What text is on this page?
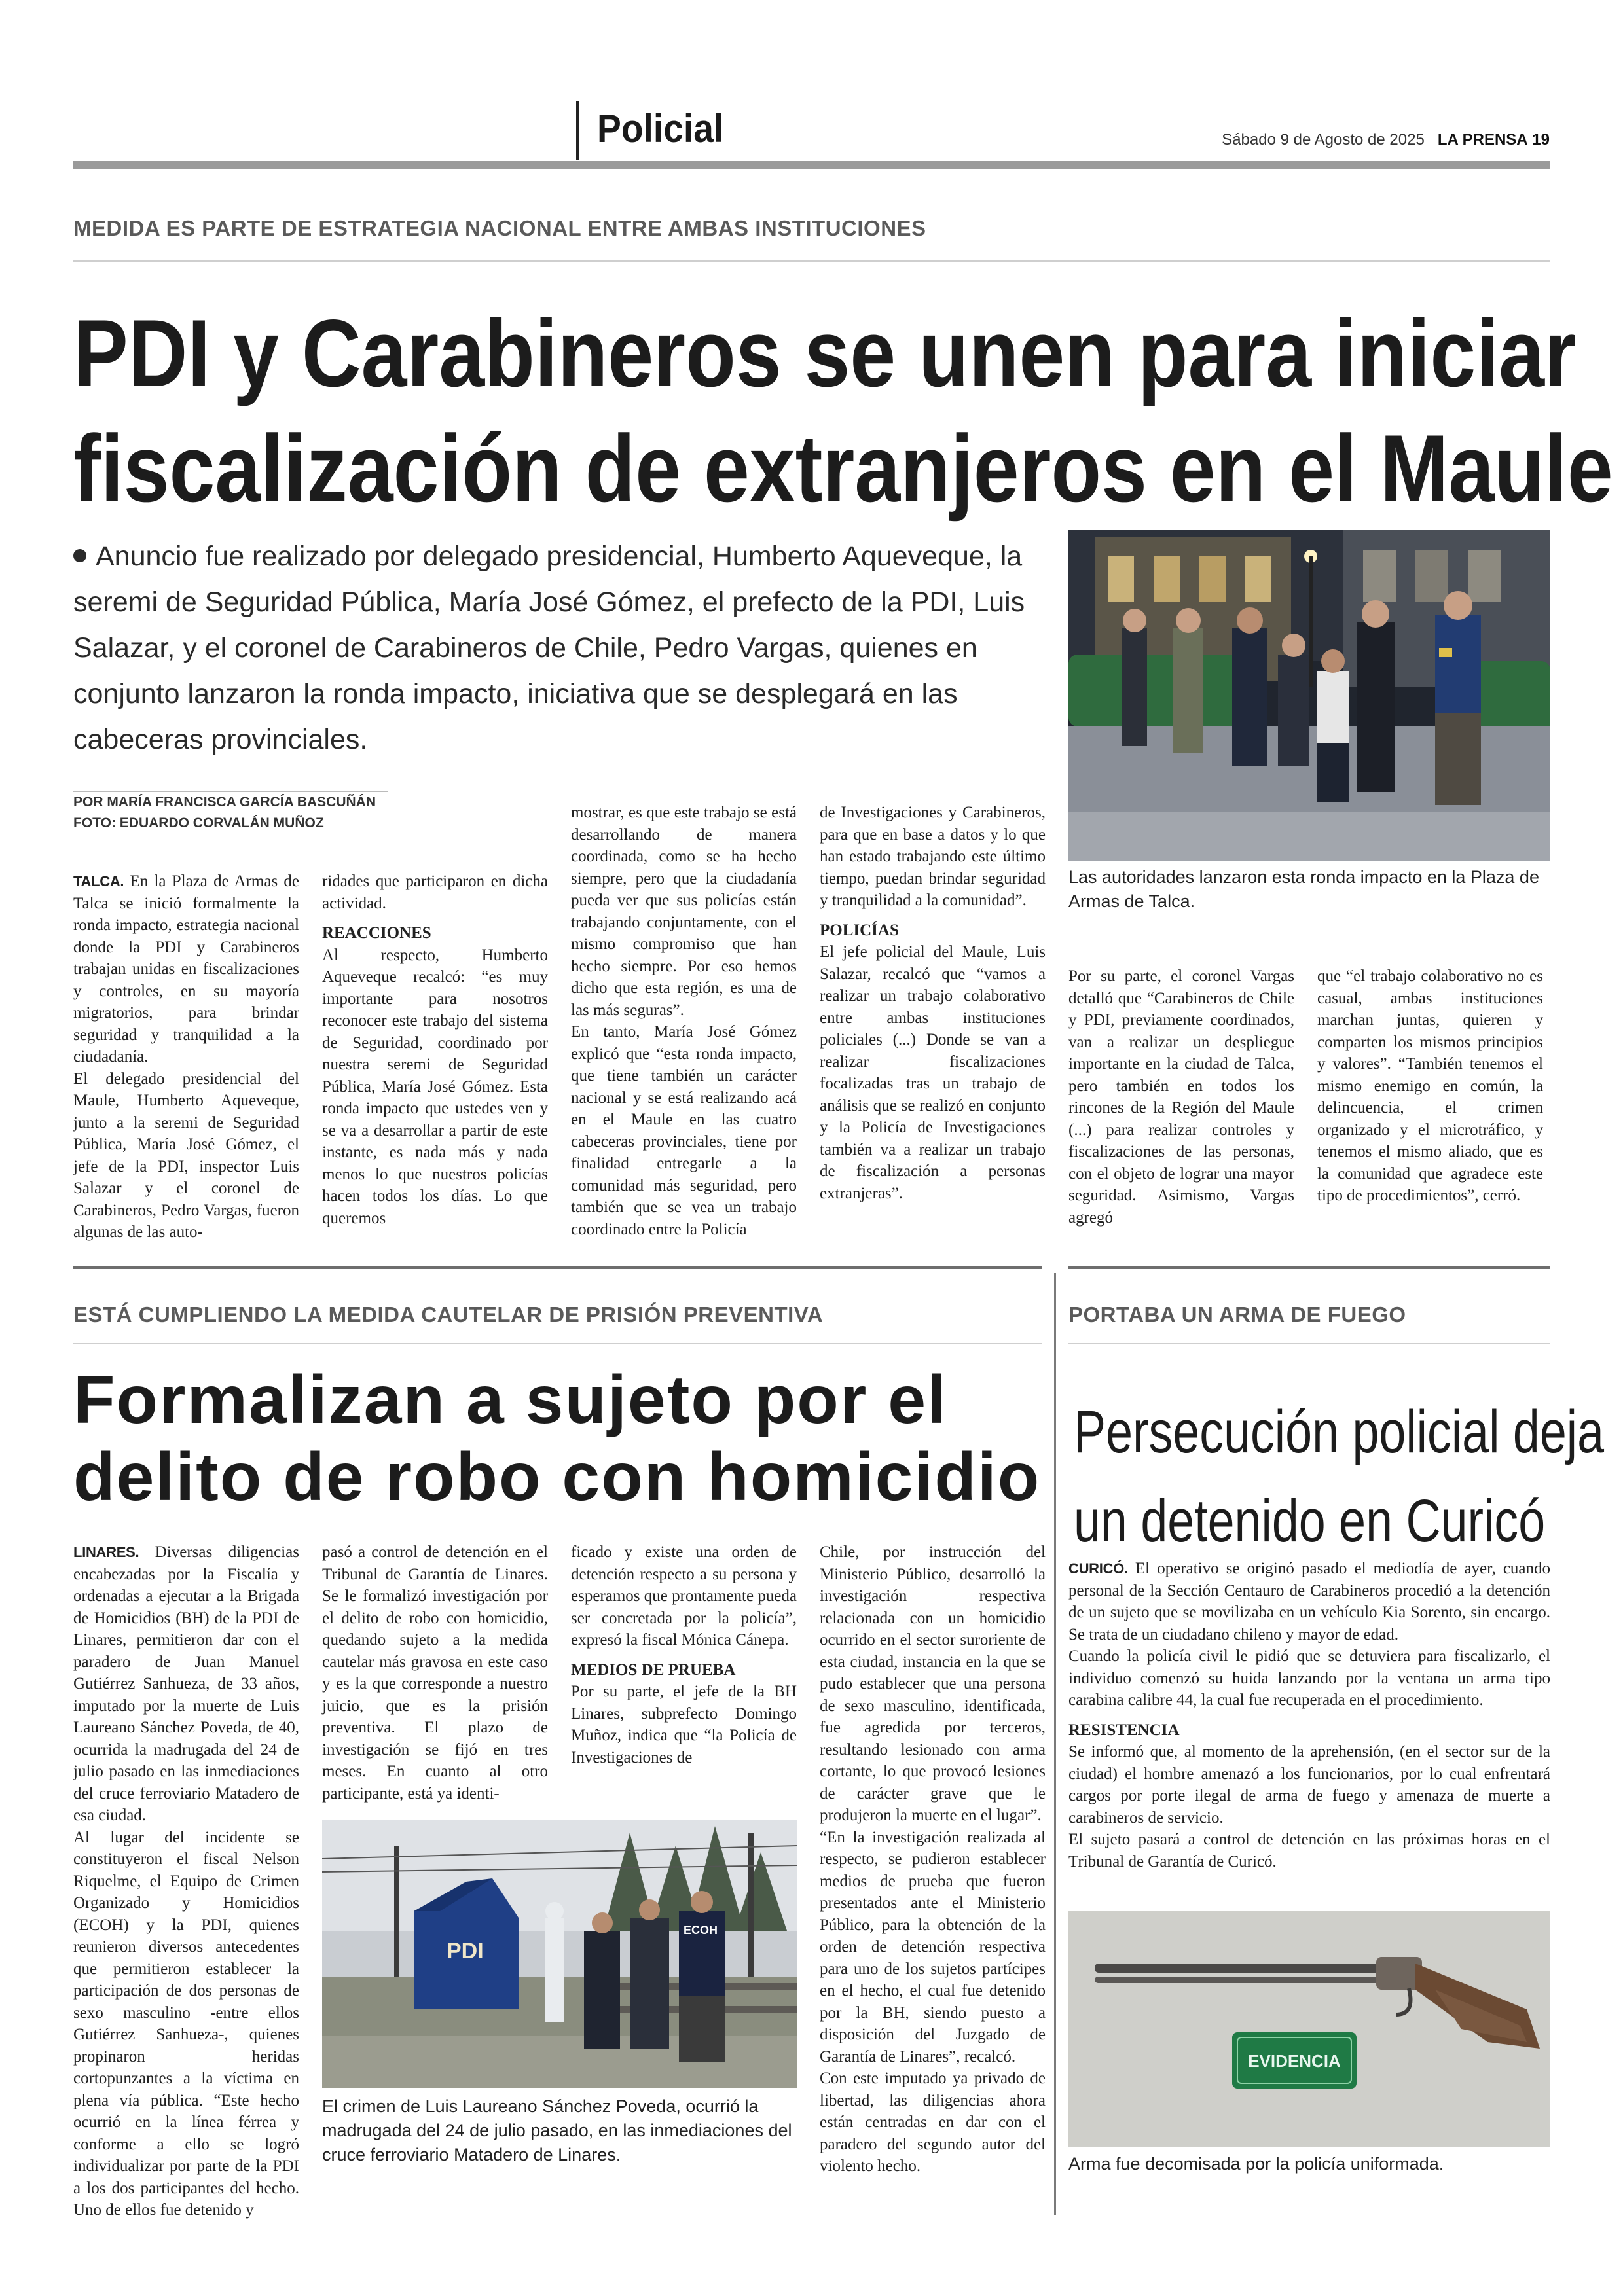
Policial	Sábado 9 de Agosto de 2025 LA PRENSA 19
MEDIDA ES PARTE DE ESTRATEGIA NACIONAL ENTRE AMBAS INSTITUCIONES
PDI y Carabineros se unen para iniciar
fiscalización de extranjeros en el Maule
Anuncio fue realizado por delegado presidencial, Humberto Aqueveque, la seremi de Seguridad Pública, María José Gómez, el prefecto de la PDI, Luis Salazar, y el coronel de Carabineros de Chile, Pedro Vargas, quienes en conjunto lanzaron la ronda impacto, iniciativa que se desplegará en las cabeceras provinciales.
POR MARÍA FRANCISCA GARCÍA BASCUÑÁN
FOTO: EDUARDO CORVALÁN MUÑOZ
Las autoridades lanzaron esta ronda impacto en la Plaza de Armas de Talca.

TALCA. En la Plaza de Armas de Talca se inició formalmente la ronda impacto, estrategia nacional donde la PDI y Carabineros trabajan unidas en fiscalizaciones y controles, en su mayoría migratorios, para brindar seguridad y tranquilidad a la ciudadanía.

El delegado presidencial del Maule, Humberto Aqueveque, junto a la seremi de Seguridad Pública, María José Gómez, el jefe de la PDI, inspector Luis Salazar y el coronel de Carabineros, Pedro Vargas, fueron algunas de las auto-

ridades que participaron en dicha actividad.

REACCIONES

Al respecto, Humberto Aqueveque recalcó: “es muy importante para nosotros reconocer este trabajo del sistema de Seguridad, coordinado por nuestra seremi de Seguridad Pública, María José Gómez. Esta ronda impacto que ustedes ven y se va a desarrollar a partir de este instante, es nada más y nada menos lo que nuestros policías hacen todos los días. Lo que queremos

mostrar, es que este trabajo se está desarrollando de manera coordinada, como se ha hecho siempre, pero que la ciudadanía pueda ver que sus policías están trabajando conjuntamente, con el mismo compromiso que han hecho siempre. Por eso hemos dicho que esta región, es una de las más seguras”.

En tanto, María José Gómez explicó que “esta ronda impacto, que tiene también un carácter nacional y se está realizando acá en el Maule en las cuatro cabeceras provinciales, tiene por finalidad entregarle a la comunidad más seguridad, pero también que se vea un trabajo coordinado entre la Policía

de Investigaciones y Carabineros, para que en base a datos y lo que han estado trabajando este último tiempo, puedan brindar seguridad y tranquilidad a la comunidad”.

POLICÍAS

El jefe policial del Maule, Luis Salazar, recalcó que “vamos a realizar un trabajo colaborativo entre ambas instituciones policiales (...) Donde se van a realizar fiscalizaciones focalizadas tras un trabajo de análisis que se realizó en conjunto y la Policía de Investigaciones también va a realizar un trabajo de fiscalización a personas extranjeras”.

Por su parte, el coronel Vargas detalló que “Carabineros de Chile y PDI, previamente coordinados, van a realizar un despliegue importante en la ciudad de Talca, pero también en todos los rincones de la Región del Maule (...) para realizar controles y fiscalizaciones de las personas, con el objeto de lograr una mayor seguridad. Asimismo, Vargas agregó

que “el trabajo colaborativo no es casual, ambas instituciones marchan juntas, quieren y comparten los mismos principios y valores”. “También tenemos el mismo enemigo en común, la delincuencia, el crimen organizado y el microtráfico, y tenemos el mismo aliado, que es la comunidad que agradece este tipo de procedimientos”, cerró.

ESTÁ CUMPLIENDO LA MEDIDA CAUTELAR DE PRISIÓN PREVENTIVA
Formalizan a sujeto por el
delito de robo con homicidio

LINARES. Diversas diligencias encabezadas por la Fiscalía y ordenadas a ejecutar a la Brigada de Homicidios (BH) de la PDI de Linares, permitieron dar con el paradero de Juan Manuel Gutiérrez Sanhueza, de 33 años, imputado por la muerte de Luis Laureano Sánchez Poveda, de 40, ocurrida la madrugada del 24 de julio pasado en las inmediaciones del cruce ferroviario Matadero de esa ciudad.

Al lugar del incidente se constituyeron el fiscal Nelson Riquelme, el Equipo de Crimen Organizado y Homicidios (ECOH) y la PDI, quienes reunieron diversos antecedentes que permitieron establecer la participación de dos personas de sexo masculino -entre ellos Gutiérrez Sanhueza-, quienes propinaron heridas cortopunzantes a la víctima en plena vía pública. “Este hecho ocurrió en la línea férrea y conforme a ello se logró individualizar por parte de la PDI a los dos participantes del hecho. Uno de ellos fue detenido y

pasó a control de detención en el Tribunal de Garantía de Linares. Se le formalizó investigación por el delito de robo con homicidio, quedando sujeto a la medida cautelar más gravosa en este caso y es la que corresponde a nuestro juicio, que es la prisión preventiva. El plazo de investigación se fijó en tres meses. En cuanto al otro participante, está ya identi-

ficado y existe una orden de detención respecto a su persona y esperamos que prontamente pueda ser concretada por la policía”, expresó la fiscal Mónica Cánepa.

MEDIOS DE PRUEBA

Por su parte, el jefe de la BH Linares, subprefecto Domingo Muñoz, indica que “la Policía de Investigaciones de

Chile, por instrucción del Ministerio Público, desarrolló la investigación respectiva relacionada con un homicidio ocurrido en el sector suroriente de esta ciudad, instancia en la que se pudo establecer que una persona de sexo masculino, identificada, fue agredida por terceros, resultando lesionado con arma cortante, lo que provocó lesiones de carácter grave que le produjeron la muerte en el lugar”.

“En la investigación realizada al respecto, se pudieron establecer medios de prueba que fueron presentados ante el Ministerio Público, para la obtención de la orden de detención respectiva para uno de los sujetos partícipes en el hecho, el cual fue detenido por la BH, siendo puesto a disposición del Juzgado de Garantía de Linares”, recalcó.

Con este imputado ya privado de libertad, las diligencias ahora están centradas en dar con el paradero del segundo autor del violento hecho.

PDI
ECOH
El crimen de Luis Laureano Sánchez Poveda, ocurrió la madrugada del 24 de julio pasado, en las inmediaciones del cruce ferroviario Matadero de Linares.
PORTABA UN ARMA DE FUEGO
Persecución policial deja
un detenido en Curicó

CURICÓ. El operativo se originó pasado el mediodía de ayer, cuando personal de la Sección Centauro de Carabineros procedió a la detención de un sujeto que se movilizaba en un vehículo Kia Sorento, sin encargo. Se trata de un ciudadano chileno y mayor de edad.

Cuando la policía civil le pidió que se detuviera para fiscalizarlo, el individuo comenzó su huida lanzando por la ventana un arma tipo carabina calibre 44, la cual fue recuperada en el procedimiento.

RESISTENCIA

Se informó que, al momento de la aprehensión, (en el sector sur de la ciudad) el hombre amenazó a los funcionarios, por lo cual enfrentará cargos por porte ilegal de arma de fuego y amenaza de muerte a carabineros de servicio.

El sujeto pasará a control de detención en las próximas horas en el Tribunal de Garantía de Curicó.

EVIDENCIA
Arma fue decomisada por la policía uniformada.
